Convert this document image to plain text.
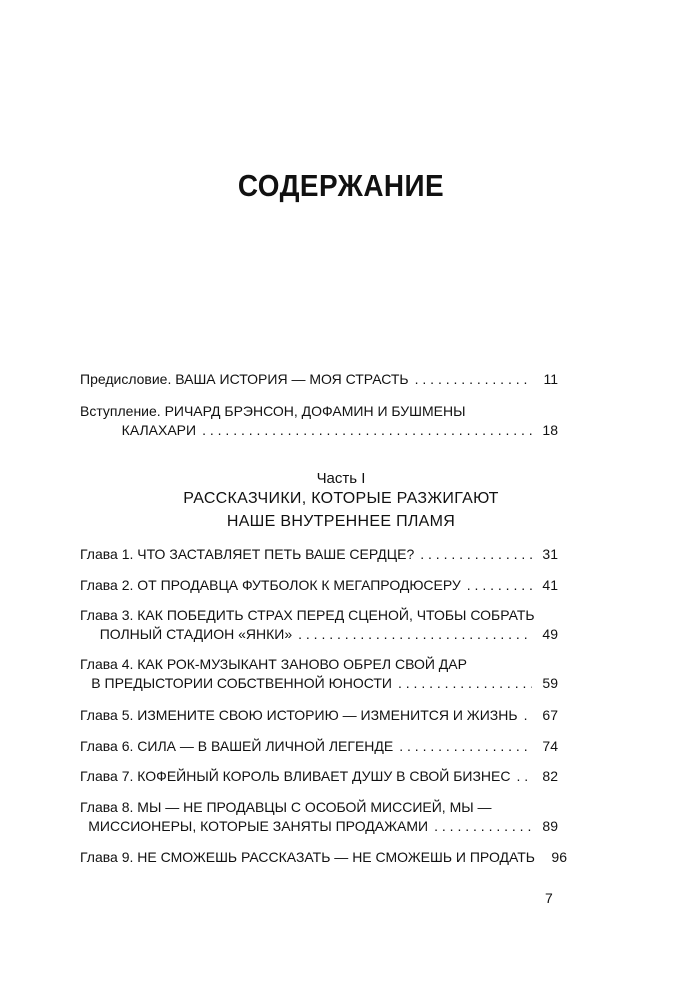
СОДЕРЖАНИЕ
Предисловие.
ВАША ИСТОРИЯ — МОЯ СТРАСТЬ . . .	11
Вступление.
РИЧАРД БРЭНСОН, ДОФАМИН И БУШМЕНЫ
КАЛАХАРИ . . .	18
Часть I
РАССКАЗЧИКИ, КОТОРЫЕ РАЗЖИГАЮТ
НАШЕ ВНУТРЕННЕЕ ПЛАМЯ
Глава 1.
ЧТО ЗАСТАВЛЯЕТ ПЕТЬ ВАШЕ СЕРДЦЕ? . . .	31
Глава 2.
ОТ ПРОДАВЦА ФУТБОЛОК К МЕГАПРОДЮСЕРУ . . .	41
Глава 3.
КАК ПОБЕДИТЬ СТРАХ ПЕРЕД СЦЕНОЙ, ЧТОБЫ СОБРАТЬ
ПОЛНЫЙ СТАДИОН «ЯНКИ» . . .	49
Глава 4.
КАК РОК-МУЗЫКАНТ ЗАНОВО ОБРЕЛ СВОЙ ДАР
В ПРЕДЫСТОРИИ СОБСТВЕННОЙ ЮНОСТИ . . .	59
Глава 5.
ИЗМЕНИТЕ СВОЮ ИСТОРИЮ — ИЗМЕНИТСЯ И ЖИЗНЬ . . .	67
Глава 6.
СИЛА — В ВАШЕЙ ЛИЧНОЙ ЛЕГЕНДЕ . . .	74
Глава 7.
КОФЕЙНЫЙ КОРОЛЬ ВЛИВАЕТ ДУШУ В СВОЙ БИЗНЕС . . .	82
Глава 8.
МЫ — НЕ ПРОДАВЦЫ С ОСОБОЙ МИССИЕЙ, МЫ —
МИССИОНЕРЫ, КОТОРЫЕ ЗАНЯТЫ ПРОДАЖАМИ . . .	89
Глава 9.
НЕ СМОЖЕШЬ РАССКАЗАТЬ — НЕ СМОЖЕШЬ И ПРОДАТЬ	96
7
